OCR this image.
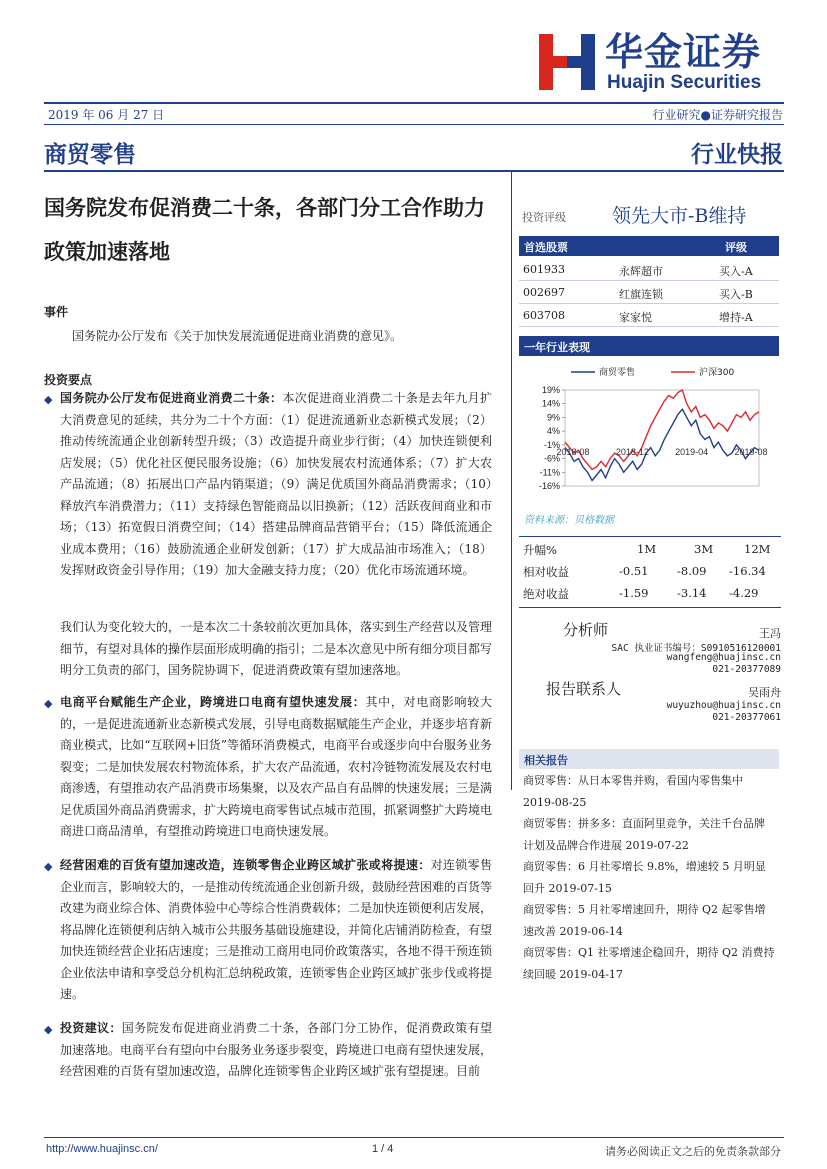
华金证券
Huajin Securities
2019 年 06 月 27 日	行业研究●证券研究报告
商贸零售	行业快报
国务院发布促消费二十条，各部门分工合作助力政策加速落地
事件
国务院办公厅发布《关于加快发展流通促进商业消费的意见》。
投资要点
◆ 国务院办公厅发布促进商业消费二十条：本次促进商业消费二十条是去年九月扩大消费意见的延续，共分为二十个方面：（1）促进流通新业态新模式发展；（2）推动传统流通企业创新转型升级；（3）改造提升商业步行街；（4）加快连锁便利店发展；（5）优化社区便民服务设施；（6）加快发展农村流通体系；（7）扩大农产品流通；（8）拓展出口产品内销渠道；（9）满足优质国外商品消费需求；（10）释放汽车消费潜力；（11）支持绿色智能商品以旧换新；（12）活跃夜间商业和市场；（13）拓宽假日消费空间；（14）搭建品牌商品营销平台；（15）降低流通企业成本费用；（16）鼓励流通企业研发创新；（17）扩大成品油市场准入；（18）发挥财政资金引导作用；（19）加大金融支持力度；（20）优化市场流通环境。
我们认为变化较大的，一是本次二十条较前次更加具体，落实到生产经营以及管理细节，有望对具体的操作层面形成明确的指引；二是本次意见中所有细分项目都写明分工负责的部门，国务院协调下，促进消费政策有望加速落地。
◆ 电商平台赋能生产企业，跨境进口电商有望快速发展：其中，对电商影响较大的，一是促进流通新业态新模式发展，引导电商数据赋能生产企业，并逐步培育新商业模式，比如“互联网+旧货”等循环消费模式，电商平台或逐步向中台服务业务裂变；二是加快发展农村物流体系，扩大农产品流通，农村冷链物流发展及农村电商渗透，有望推动农产品消费市场集聚，以及农产品自有品牌的快速发展；三是满足优质国外商品消费需求，扩大跨境电商零售试点城市范围，抓紧调整扩大跨境电商进口商品清单，有望推动跨境进口电商快速发展。
◆ 经营困难的百货有望加速改造，连锁零售企业跨区域扩张或将提速：对连锁零售企业而言，影响较大的，一是推动传统流通企业创新升级，鼓励经营困难的百货等改建为商业综合体、消费体验中心等综合性消费载体；二是加快连锁便利店发展，将品牌化连锁便利店纳入城市公共服务基础设施建设，并简化店铺消防检查，有望加快连锁经营企业拓店速度；三是推动工商用电同价政策落实，各地不得干预连锁企业依法申请和享受总分机构汇总纳税政策，连锁零售企业跨区域扩张步伐或将提速。
◆ 投资建议：国务院发布促进商业消费二十条，各部门分工协作，促消费政策有望加速落地。电商平台有望向中台服务业务逐步裂变，跨境进口电商有望快速发展，经营困难的百货有望加速改造，品牌化连锁零售企业跨区域扩张有望提速。目前
投资评级 领先大市-B维持
首选股票	评级
601933	永辉超市	买入-A
002697	红旗连锁	买入-B
603708	家家悦	增持-A
一年行业表现
19%
14%
9%
4%
-1%
-6%
-11%
-16%
2018-08	2018-12	2019-04	2019-08
商贸零售	沪深300
资料来源：贝格数据
升幅%	1M	3M	12M
相对收益	-0.51 -8.09 -16.34
绝对收益	-1.59 -3.14 -4.29
分析师	王冯
SAC 执业证书编号：S0910516120001
wangfeng@huajinsc.cn
021-20377089
报告联系人	吴雨舟
wuyuzhou@huajinsc.cn
021-20377061
相关报告
商贸零售：从日本零售并购，看国内零售集中 2019-08-25
商贸零售：拼多多：直面阿里竞争，关注千台品牌计划及品牌合作进展 2019-07-22
商贸零售：6 月社零增长 9.8%，增速较 5 月明显回升 2019-07-15
商贸零售：5 月社零增速回升，期待 Q2 起零售增速改善 2019-06-14
商贸零售：Q1 社零增速企稳回升，期待 Q2 消费持续回暖 2019-04-17
http://www.huajinsc.cn/	1 / 4	请务必阅读正文之后的免责条款部分
